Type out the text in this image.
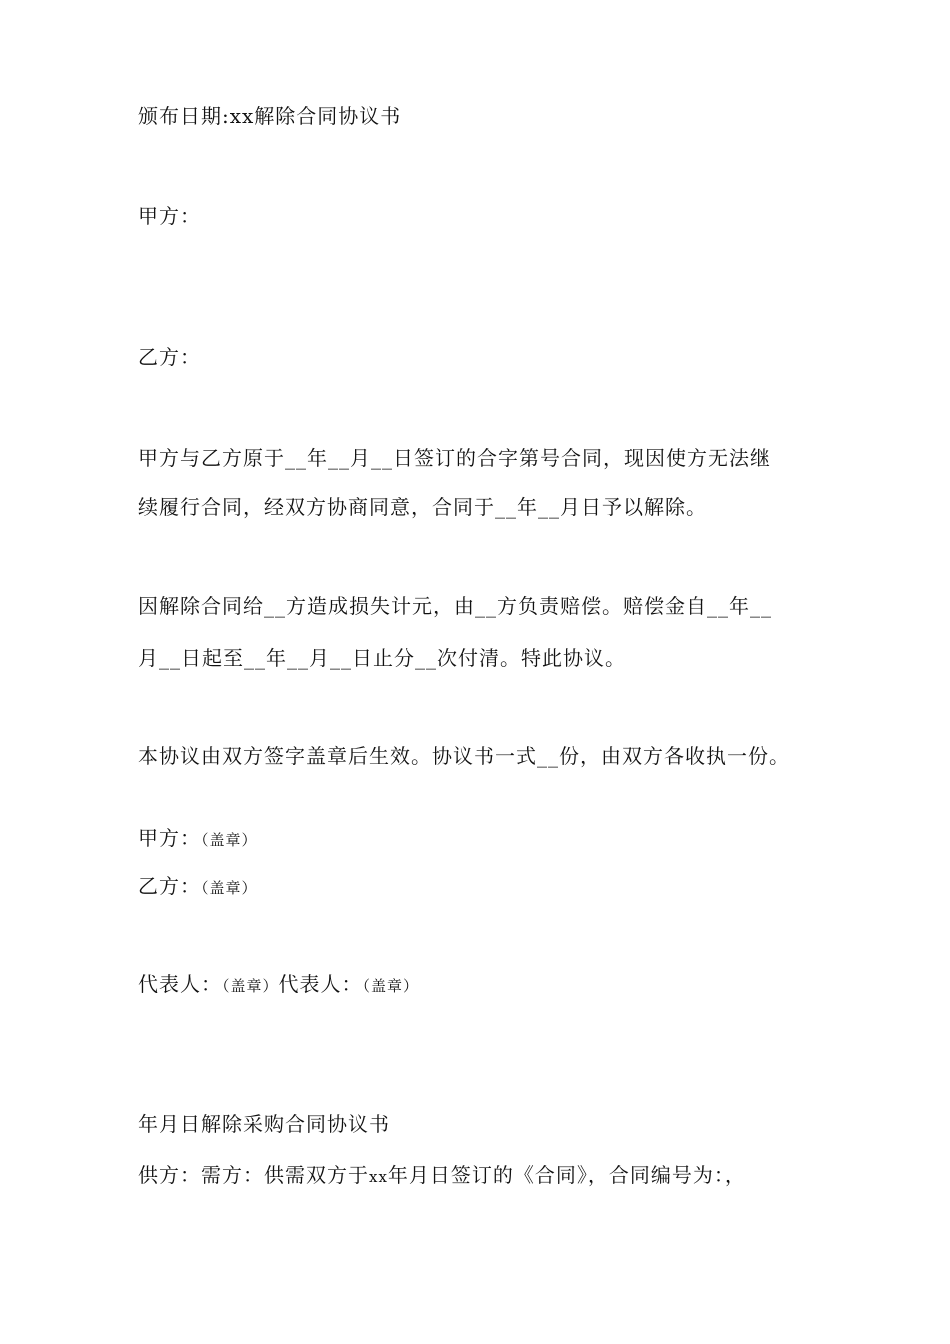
颁布日期:xx解除合同协议书
甲方：
乙方：
甲方与乙方原于__年__月__日签订的合字第号合同，现因使方无法继
续履行合同，经双方协商同意，合同于__年__月日予以解除。
因解除合同给__方造成损失计元，由__方负责赔偿。赔偿金自__年__
月__日起至__年__月__日止分__次付清。特此协议。
本协议由双方签字盖章后生效。协议书一式__份，由双方各收执一份。
甲方：（盖章）
乙方：（盖章）
代表人：（盖章）代表人：（盖章）
年月日解除采购合同协议书
供方：需方：供需双方于xx年月日签订的《合同》，合同编号为：，
